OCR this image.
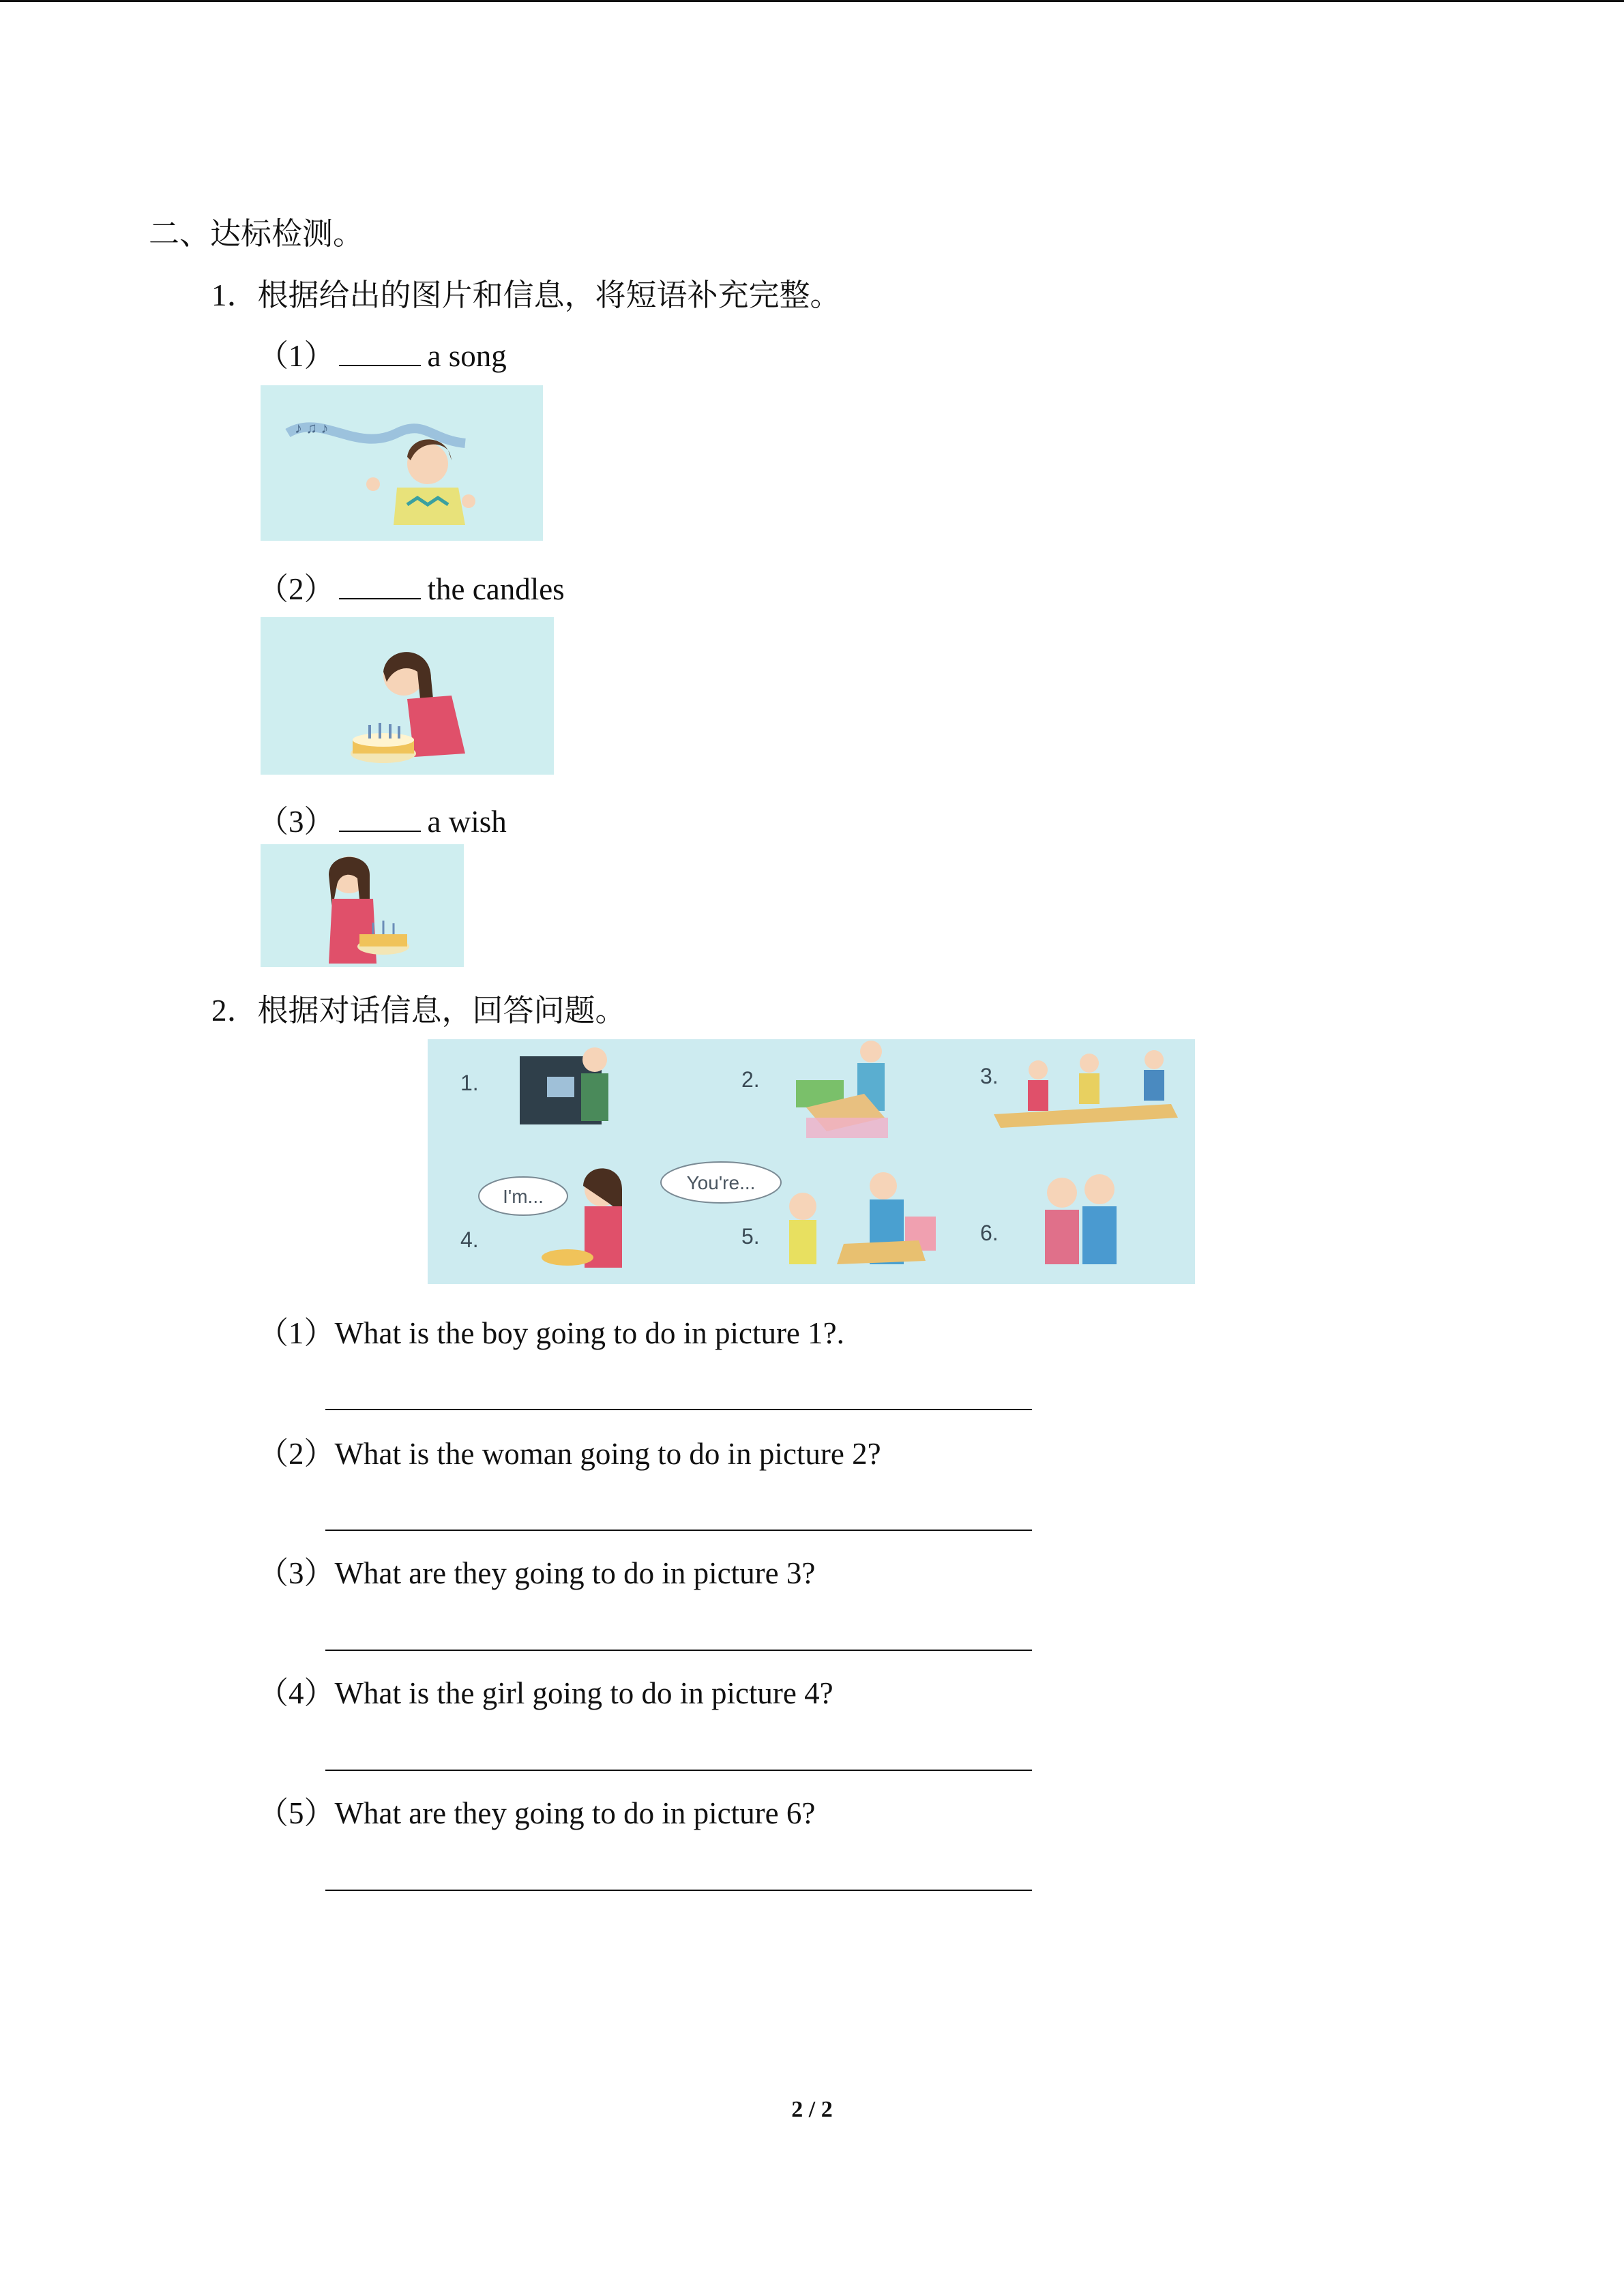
二、达标检测。
1．根据给出的图片和信息，将短语补充完整。
（1）	a song
♪ ♫ ♪
（2）	the candles
（3）	a wish
2．根据对话信息，回答问题。
I'm...
You're...
1.	2.	3.
4.	5.	6.
（1）What is the boy going to do in picture 1?.
（2）What is the woman going to do in picture 2?
（3）What are they going to do in picture 3?
（4）What is the girl going to do in picture 4?
（5）What are they going to do in picture 6?
2 / 2
